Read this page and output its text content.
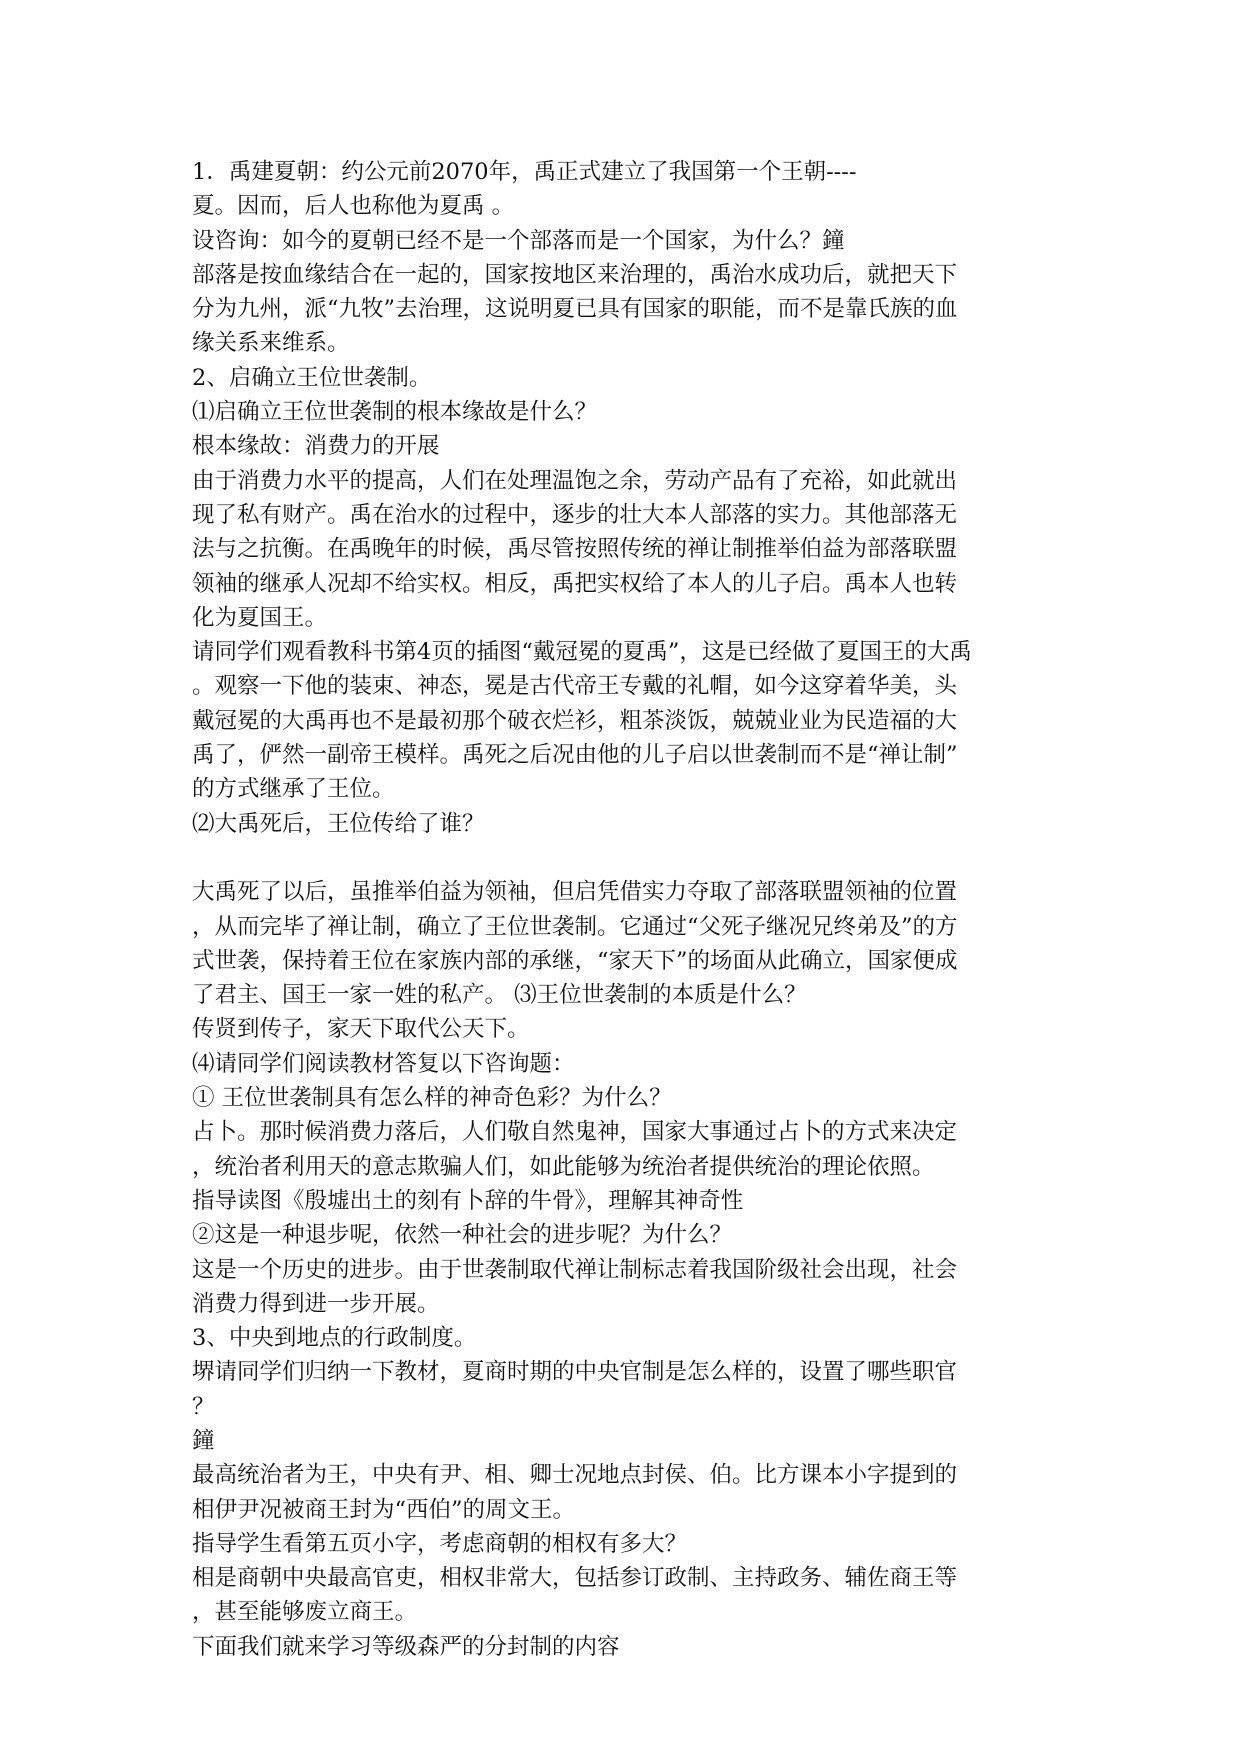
1．禹建夏朝：约公元前2070年，禹正式建立了我国第一个王朝----
夏。因而，后人也称他为夏禹 。
设咨询：如今的夏朝已经不是一个部落而是一个国家，为什么？鐘
部落是按血缘结合在一起的，国家按地区来治理的，禹治水成功后，就把天下
分为九州，派“九牧”去治理，这说明夏已具有国家的职能，而不是靠氏族的血
缘关系来维系。
2、启确立王位世袭制。
⑴启确立王位世袭制的根本缘故是什么？
根本缘故：消费力的开展
由于消费力水平的提高，人们在处理温饱之余，劳动产品有了充裕，如此就出
现了私有财产。禹在治水的过程中，逐步的壮大本人部落的实力。其他部落无
法与之抗衡。在禹晚年的时候，禹尽管按照传统的禅让制推举伯益为部落联盟
领袖的继承人况却不给实权。相反，禹把实权给了本人的儿子启。禹本人也转
化为夏国王。
请同学们观看教科书第4页的插图“戴冠冕的夏禹”，这是已经做了夏国王的大禹
。观察一下他的装束、神态，冕是古代帝王专戴的礼帽，如今这穿着华美，头
戴冠冕的大禹再也不是最初那个破衣烂衫，粗茶淡饭，兢兢业业为民造福的大
禹了，俨然一副帝王模样。禹死之后况由他的儿子启以世袭制而不是“禅让制”
的方式继承了王位。
⑵大禹死后，王位传给了谁？
大禹死了以后，虽推举伯益为领袖，但启凭借实力夺取了部落联盟领袖的位置
，从而完毕了禅让制，确立了王位世袭制。它通过“父死子继况兄终弟及”的方
式世袭，保持着王位在家族内部的承继，“家天下”的场面从此确立，国家便成
了君主、国王一家一姓的私产。 ⑶王位世袭制的本质是什么？
传贤到传子，家天下取代公天下。
⑷请同学们阅读教材答复以下咨询题：
① 王位世袭制具有怎么样的神奇色彩？为什么？
占卜。那时候消费力落后，人们敬自然鬼神，国家大事通过占卜的方式来决定
，统治者利用天的意志欺骗人们，如此能够为统治者提供统治的理论依照。
指导读图《殷墟出土的刻有卜辞的牛骨》，理解其神奇性
②这是一种退步呢，依然一种社会的进步呢？为什么？
这是一个历史的进步。由于世袭制取代禅让制标志着我国阶级社会出现，社会
消费力得到进一步开展。
3、中央到地点的行政制度。
堺请同学们归纳一下教材，夏商时期的中央官制是怎么样的，设置了哪些职官
？
鐘
最高统治者为王，中央有尹、相、卿士况地点封侯、伯。比方课本小字提到的
相伊尹况被商王封为“西伯”的周文王。
指导学生看第五页小字，考虑商朝的相权有多大？
相是商朝中央最高官吏，相权非常大，包括参订政制、主持政务、辅佐商王等
，甚至能够废立商王。
下面我们就来学习等级森严的分封制的内容
